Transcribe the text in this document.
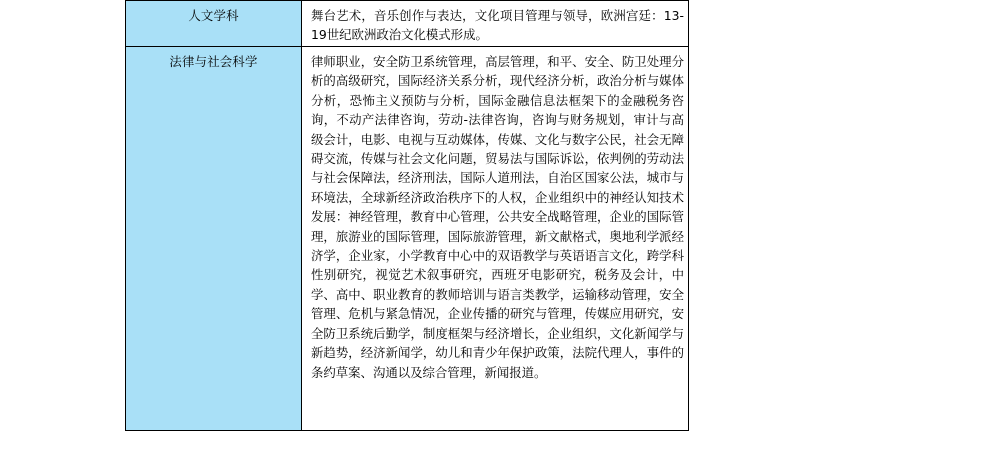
人文学科	舞台艺术，音乐创作与表达，文化项目管理与领导，欧洲宫廷：13-19世纪欧洲政治文化模式形成。

法律与社会科学	律师职业，安全防卫系统管理，高层管理，和平、安全、防卫处理分析的高级研究，国际经济关系分析，现代经济分析，政治分析与媒体分析，恐怖主义预防与分析，国际金融信息法框架下的金融税务咨询，不动产法律咨询，劳动-法律咨询，咨询与财务规划，审计与高级会计，电影、电视与互动媒体，传媒、文化与数字公民，社会无障碍交流，传媒与社会文化问题，贸易法与国际诉讼，依判例的劳动法与社会保障法，经济刑法，国际人道刑法，自治区国家公法，城市与环境法，全球新经济政治秩序下的人权，企业组织中的神经认知技术发展：神经管理，教育中心管理，公共安全战略管理，企业的国际管理，旅游业的国际管理，国际旅游管理，新文献格式，奥地利学派经济学，企业家，小学教育中心中的双语教学与英语语言文化，跨学科性别研究，视觉艺术叙事研究，西班牙电影研究，税务及会计，中学、高中、职业教育的教师培训与语言类教学，运输移动管理，安全管理、危机与紧急情况，企业传播的研究与管理，传媒应用研究，安全防卫系统后勤学，制度框架与经济增长，企业组织，文化新闻学与新趋势，经济新闻学，幼儿和青少年保护政策，法院代理人，事件的条约草案、沟通以及综合管理，新闻报道。
